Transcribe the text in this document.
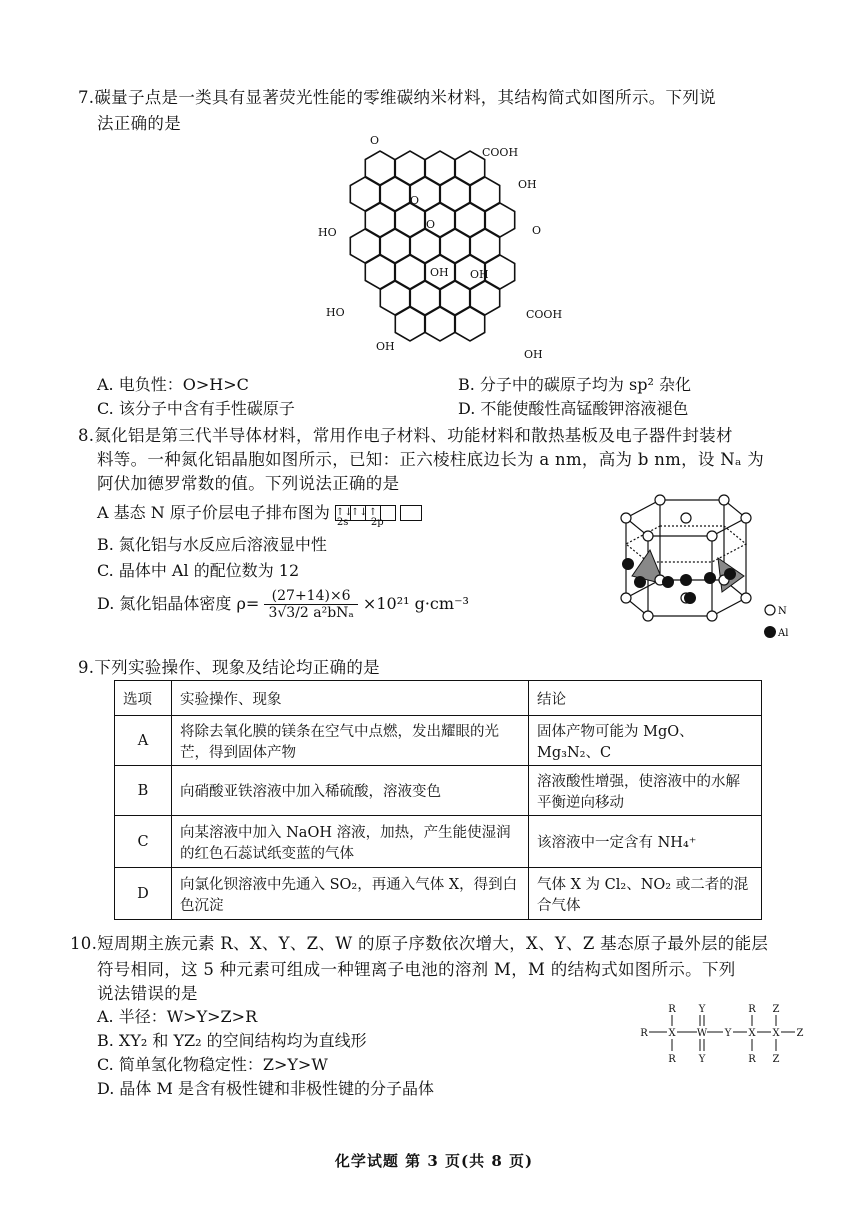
7.碳量子点是一类具有显著荧光性能的零维碳纳米材料，其结构简式如图所示。下列说
法正确的是
O
COOH
OH
O
O	O
HO
OH OH
COOH
HO
OH
OH
A. 电负性：O>H>C	B. 分子中的碳原子均为 sp² 杂化
C. 该分子中含有手性碳原子	D. 不能使酸性高锰酸钾溶液褪色
8.氮化铝是第三代半导体材料，常用作电子材料、功能材料和散热基板及电子器件封装材
料等。一种氮化铝晶胞如图所示，已知：正六棱柱底边长为 a nm，高为 b nm，设 Nₐ 为
阿伏加德罗常数的值。下列说法正确的是
A 基态 N 原子价层电子排布图为 ↑↓↑↓↑
2s 2p
B. 氮化铝与水反应后溶液显中性
C. 晶体中 Al 的配位数为 12
D. 氮化铝晶体密度 $\rho= \frac{(27+14)\times 6}{\text{3√3/2 a²bNₐ}} \times 10^{21}$ g·cm⁻³	N
Al
9.下列实验操作、现象及结论均正确的是
选项	实验操作、现象	结论
A	将除去氧化膜的镁条在空气中点燃，发出耀眼的光芒，得到固体产物	固体产物可能为 MgO、Mg₃N₂、C
B	向硝酸亚铁溶液中加入稀硫酸，溶液变色	溶液酸性增强，使溶液中的水解平衡逆向移动
C	向某溶液中加入 NaOH 溶液，加热，产生能使湿润的红色石蕊试纸变蓝的气体	该溶液中一定含有 NH₄⁺
D	向氯化钡溶液中先通入 SO₂，再通入气体 X，得到白色沉淀	气体 X 为 Cl₂、NO₂ 或二者的混合气体
10.短周期主族元素 R、X、Y、Z、W 的原子序数依次增大，X、Y、Z 基态原子最外层的能层
符号相同，这 5 种元素可组成一种锂离子电池的溶剂 M，M 的结构式如图所示。下列
说法错误的是
A. 半径：W>Y>Z>R
B. XY₂ 和 YZ₂ 的空间结构均为直线形
C. 简单氢化物稳定性：Z>Y>W
D. 晶体 M 是含有极性键和非极性键的分子晶体
R
R X
R
Y
W
Y
Y
R
X
R
Z
X
Z
Z
化学试题 第 3 页(共 8 页)
